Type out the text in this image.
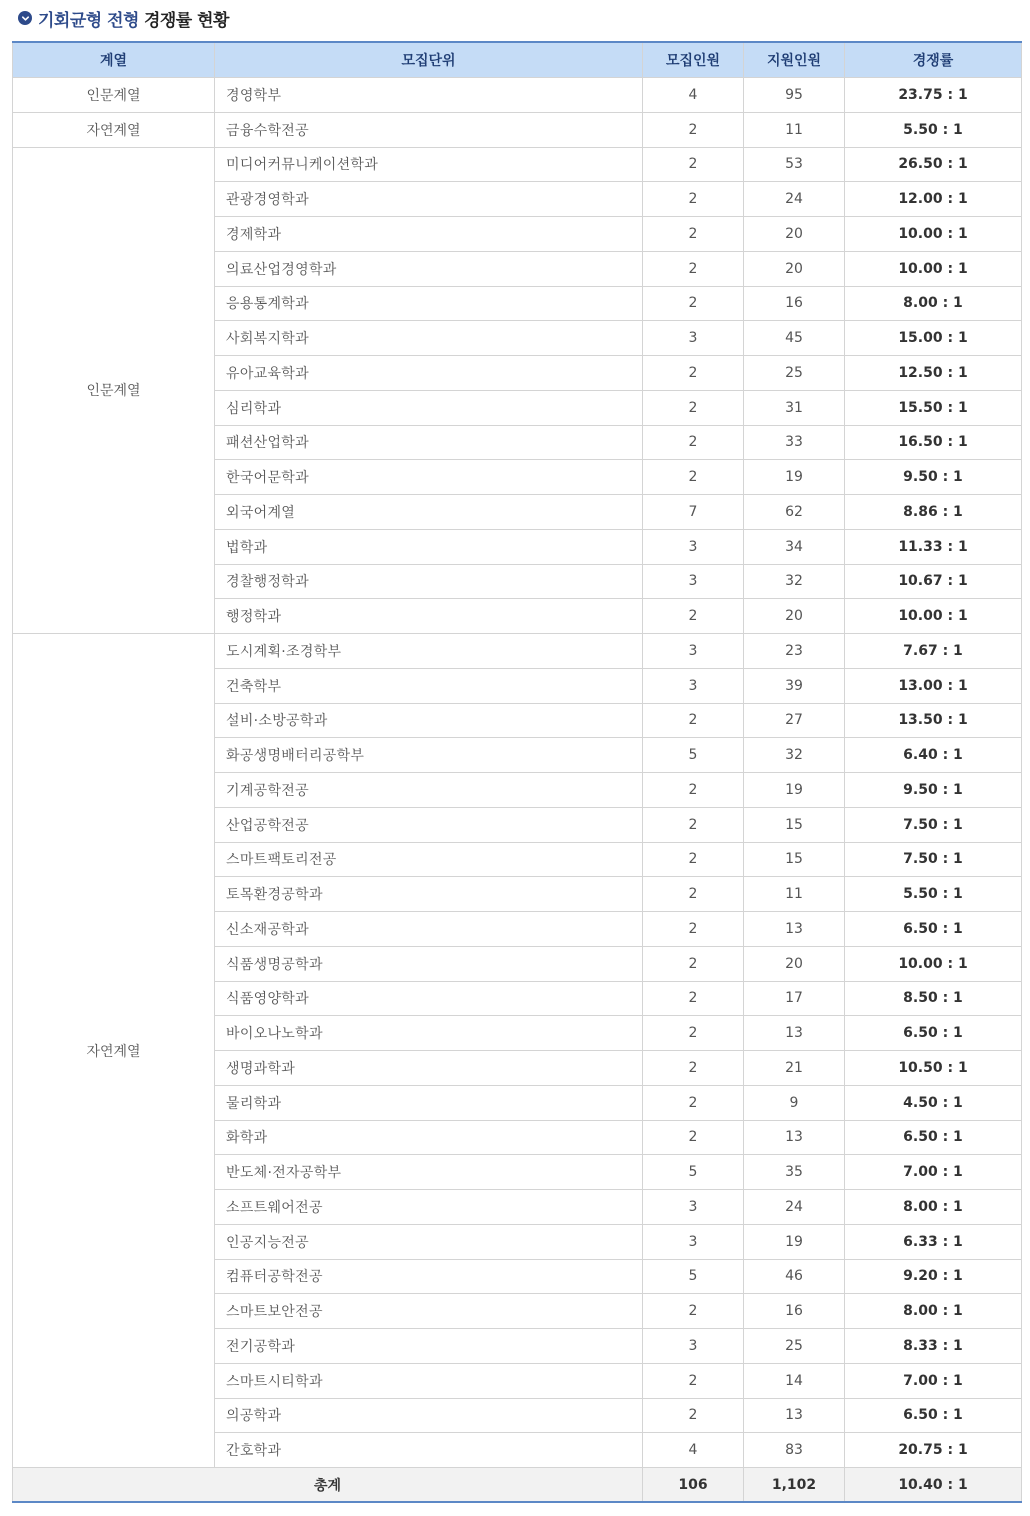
기회균형 전형 경쟁률 현황
계열	모집단위	모집인원	지원인원	경쟁률
인문계열	경영학부	4	95	23.75 : 1
자연계열	금융수학전공	2	11	5.50 : 1
인문계열	미디어커뮤니케이션학과	2	53	26.50 : 1
	관광경영학과	2	24	12.00 : 1
	경제학과	2	20	10.00 : 1
	의료산업경영학과	2	20	10.00 : 1
	응용통계학과	2	16	8.00 : 1
	사회복지학과	3	45	15.00 : 1
	유아교육학과	2	25	12.50 : 1
	심리학과	2	31	15.50 : 1
	패션산업학과	2	33	16.50 : 1
	한국어문학과	2	19	9.50 : 1
	외국어계열	7	62	8.86 : 1
	법학과	3	34	11.33 : 1
	경찰행정학과	3	32	10.67 : 1
	행정학과	2	20	10.00 : 1
자연계열	도시계획·조경학부	3	23	7.67 : 1
	건축학부	3	39	13.00 : 1
	설비·소방공학과	2	27	13.50 : 1
	화공생명배터리공학부	5	32	6.40 : 1
	기계공학전공	2	19	9.50 : 1
	산업공학전공	2	15	7.50 : 1
	스마트팩토리전공	2	15	7.50 : 1
	토목환경공학과	2	11	5.50 : 1
	신소재공학과	2	13	6.50 : 1
	식품생명공학과	2	20	10.00 : 1
	식품영양학과	2	17	8.50 : 1
	바이오나노학과	2	13	6.50 : 1
	생명과학과	2	21	10.50 : 1
	물리학과	2	9	4.50 : 1
	화학과	2	13	6.50 : 1
	반도체·전자공학부	5	35	7.00 : 1
	소프트웨어전공	3	24	8.00 : 1
	인공지능전공	3	19	6.33 : 1
	컴퓨터공학전공	5	46	9.20 : 1
	스마트보안전공	2	16	8.00 : 1
	전기공학과	3	25	8.33 : 1
	스마트시티학과	2	14	7.00 : 1
	의공학과	2	13	6.50 : 1
	간호학과	4	83	20.75 : 1
총계		106	1,102	10.40 : 1
